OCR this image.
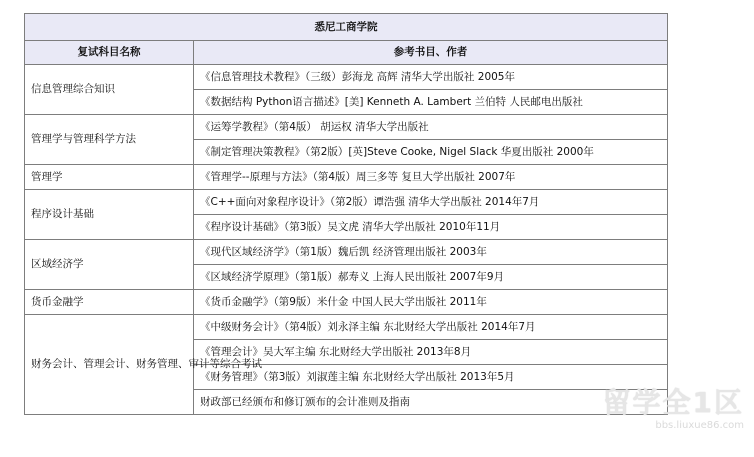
悉尼工商学院	
复试科目名称	参考书目、作者
信息管理综合知识	《信息管理技术教程》（三级）彭海龙 高辉 清华大学出版社 2005年
	《数据结构 Python语言描述》[美] Kenneth A. Lambert 兰伯特 人民邮电出版社
管理学与管理科学方法	《运筹学教程》（第4版） 胡运权 清华大学出版社
	《制定管理决策教程》（第2版）[英]Steve Cooke, Nigel Slack 华夏出版社 2000年
管理学	《管理学--原理与方法》（第4版）周三多等 复旦大学出版社 2007年
程序设计基础	《C++面向对象程序设计》（第2版）谭浩强 清华大学出版社 2014年7月
	《程序设计基础》（第3版）吴文虎 清华大学出版社 2010年11月
区域经济学	《现代区域经济学》（第1版）魏后凯 经济管理出版社 2003年
	《区域经济学原理》（第1版）郝寿义 上海人民出版社 2007年9月
货币金融学	《货币金融学》（第9版）米什金 中国人民大学出版社 2011年
财务会计、管理会计、财务管理、审计等综合考试	《中级财务会计》（第4版）刘永泽主编 东北财经大学出版社 2014年7月
	《管理会计》吴大军主编 东北财经大学出版社 2013年8月
	《财务管理》（第3版）刘淑莲主编 东北财经大学出版社 2013年5月
	财政部已经颁布和修订颁布的会计准则及指南	留学全1区
bbs.liuxue86.com
